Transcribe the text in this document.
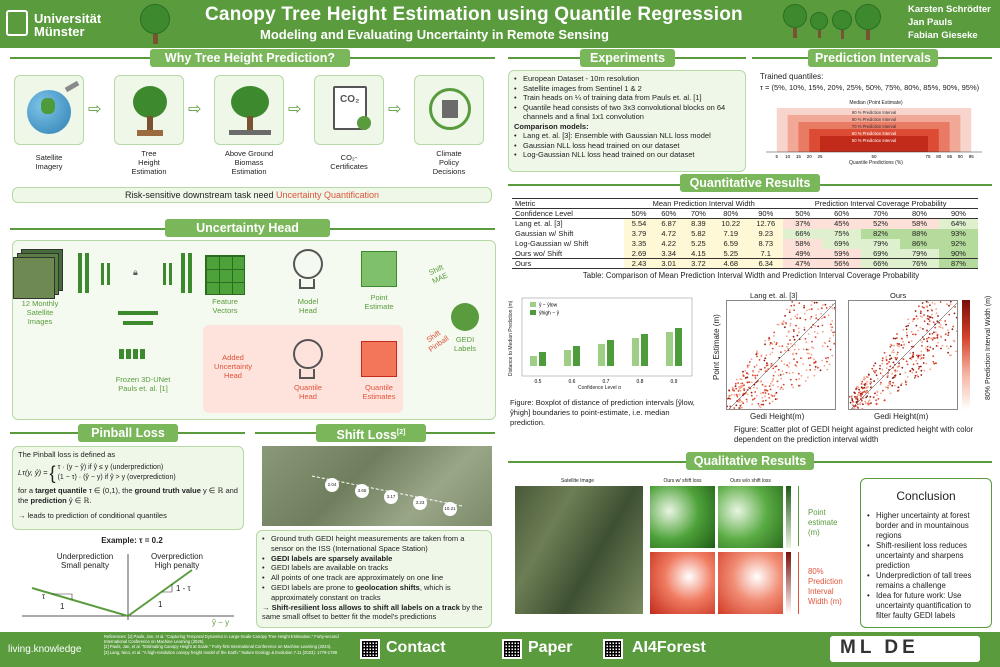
Universität
Münster
Canopy Tree Height Estimation using Quantile Regression
Modeling and Evaluating Uncertainty in Remote Sensing
Karsten Schrödter
Jan Pauls
Fabian Gieseke
Why Tree Height Prediction?
⇨	⇨	⇨
CO₂
⇨
Satellite
Imagery
Tree
Height
Estimation
Above Ground
Biomass
Estimation
CO₂-
Certificates
Climate
Policy
Decisions
Risk-sensitive downstream task need Uncertainty Quantification
Uncertainty Head
12 Monthly
Satellite
Images
🔒︎
Frozen 3D-UNet
Pauls et. al. [1]
Feature
Vectors
Model
Head
Point
Estimate
Shift
MAE
GEDI
Labels
Shift
Pinball
Added
Uncertainty
Head
Quantile
Head
Quantile
Estimates
Pinball Loss
The Pinball loss is defined as
Lτ(y, ŷ) = { τ · (y − ŷ) if ŷ ≤ y (underprediction)
(1 − τ) · (ŷ − y) if ŷ > y (overprediction)
for a target quantile τ ∈ (0,1), the ground truth value y ∈ ℝ and the prediction ŷ ∈ ℝ.
→ leads to prediction of conditional quantiles
Example: τ = 0.2
Underprediction
Small penalty
Overprediction
High penalty
τ
1
1 - τ
1
ŷ − y
Shift Loss[2]
2.04
3.65
3.17
3.23
10.21
• Ground truth GEDI height measurements are taken from a sensor on the ISS (International Space Station)
• GEDI labels are sparsely available
• GEDI labels are available on tracks
• All points of one track are approximately on one line
• GEDI labels are prone to geolocation shifts, which is approximately constant on tracks
→ Shift-resilient loss allows to shift all labels on a track by the same small offset to better fit the model's predictions
Experiments
• European Dataset - 10m resolution
• Satellite images from Sentinel 1 & 2
• Train heads on ¼ of training data from Pauls et. al. [1]
• Quantile head consists of two 3x3 convolutional blocks on 64 channels and a final 1x1 convolution
Comparison models:
• Lang et. al. [3]: Ensemble with Gaussian NLL loss model
• Gaussian NLL loss head trained on our dataset
• Log-Gaussian NLL loss head trained on our dataset
Prediction Intervals
Trained quantiles:
τ = (5%, 10%, 15%, 20%, 25%, 50%, 75%, 80%, 85%, 90%, 95%)
Median (Point Estimate)
90 % Prediction Interval
80 % Prediction Interval
70 % Prediction Interval
60 % Prediction Interval
50 % Prediction Interval
5 10 15 20 25	50	75 80 85 90 95
Quantile Predictions (%)
Quantitative Results
Metric	Mean Prediction Interval Width					Prediction Interval Coverage Probability				
Confidence Level	50%	60%	70%	80%	90%	50%	60%	70%	80%	90%
Lang et. al. [3]	5.54	6.87	8.39	10.22	12.76	37%	45%	52%	58%	64%
Gaussian w/ Shift	3.79	4.72	5.82	7.19	9.23	66%	75%	82%	88%	93%
Log-Gaussian w/ Shift	3.35	4.22	5.25	6.59	8.73	58%	69%	79%	86%	92%
Ours wo/ Shift	2.69	3.34	4.15	5.25	7.1	49%	59%	69%	79%	90%
Ours	2.43	3.01	3.72	4.68	6.34	47%	56%	66%	76%	87%
Table: Comparison of Mean Prediction Interval Width and Prediction Interval Coverage Probability
0.5	0.6	0.7	0.8	0.9
ŷ − ŷlow
ŷhigh − ŷ
Distance to Median Prediction (m)
Confidence Level α
Figure: Boxplot of distance of prediction intervals [ŷlow, ŷhigh] boundaries to point-estimate, i.e. median prediction.
Lang et. al. [3]	Ours
Point Estimate (m)	80% Prediction Interval Width (m)
Gedi Height(m)	Gedi Height(m)
Figure: Scatter plot of GEDI height against predicted height with color dependent on the prediction interval width
Qualitative Results
Satellite Image	Ours w/ shift loss	Ours w/o shift loss
Point
estimate
(m)
80%
Prediction
Interval
Width (m)
Conclusion
• Higher uncertainty at forest border and in mountainous regions
• Shift-resilient loss reduces uncertainty and sharpens prediction
• Underprediction of tall trees remains a challenge
• Idea for future work: Use uncertainty quantification to filter faulty GEDI labels
living.knowledge
References: [1] Pauls, Jan, et al. "Capturing Temporal Dynamics in Large-Scale Canopy Tree Height Estimation." Forty-second International Conference on Machine Learning (2025).
[2] Pauls, Jan, et al. "Estimating Canopy Height at Scale." Forty-first International Conference on Machine Learning (2024).
[3] Lang, Nico, et al. "A high-resolution canopy height model of the Earth." Nature Ecology & Evolution 7.11 (2023): 1778-1789	Contact	Paper	AI4Forest	ML DE
